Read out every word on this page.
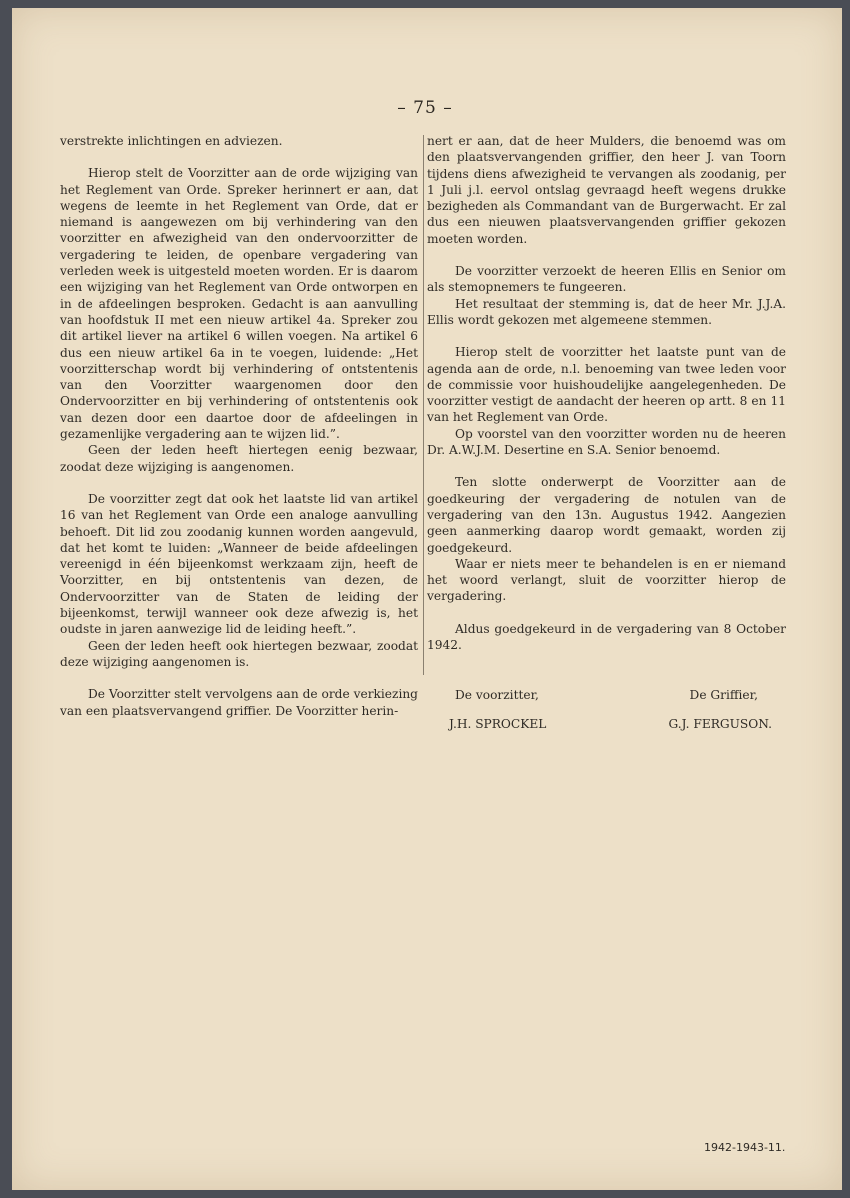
– 75 –

verstrekte inlichtingen en adviezen.

Hierop stelt de Voorzitter aan de orde wijziging van het Reglement van Orde. Spreker herinnert er aan, dat wegens de leemte in het Reglement van Orde, dat er niemand is aangewezen om bij verhindering van den voorzitter en afwezigheid van den ondervoorzitter de vergadering te leiden, de openbare vergadering van verleden week is uitgesteld moeten worden. Er is daarom een wijziging van het Reglement van Orde ontworpen en in de afdeelingen besproken. Gedacht is aan aanvulling van hoofdstuk II met een nieuw artikel 4a. Spreker zou dit artikel liever na artikel 6 willen voegen. Na artikel 6 dus een nieuw artikel 6a in te voegen, luidende: „Het voorzitterschap wordt bij verhindering of ontstentenis van den Voorzitter waargenomen door den Ondervoorzitter en bij verhindering of ontstentenis ook van dezen door een daartoe door de afdeelingen in gezamenlijke vergadering aan te wijzen lid.”.

Geen der leden heeft hiertegen eenig bezwaar, zoodat deze wijziging is aangenomen.

De voorzitter zegt dat ook het laatste lid van artikel 16 van het Reglement van Orde een analoge aanvulling behoeft. Dit lid zou zoodanig kunnen worden aangevuld, dat het komt te luiden: „Wanneer de beide afdeelingen vereenigd in één bijeenkomst werkzaam zijn, heeft de Voorzitter, en bij ontstentenis van dezen, de Ondervoorzitter van de Staten de leiding der bijeenkomst, terwijl wanneer ook deze afwezig is, het oudste in jaren aanwezige lid de leiding heeft.”.

Geen der leden heeft ook hiertegen bezwaar, zoodat deze wijziging aangenomen is.

De Voorzitter stelt vervolgens aan de orde verkiezing van een plaatsvervangend griffier. De Voorzitter herin-

nert er aan, dat de heer Mulders, die benoemd was om den plaatsvervangenden griffier, den heer J. van Toorn tijdens diens afwezigheid te vervangen als zoodanig, per 1 Juli j.l. eervol ontslag gevraagd heeft wegens drukke bezigheden als Commandant van de Burgerwacht. Er zal dus een nieuwen plaatsvervangenden griffier gekozen moeten worden.

De voorzitter verzoekt de heeren Ellis en Senior om als stemopnemers te fungeeren.

Het resultaat der stemming is, dat de heer Mr. J.J.A. Ellis wordt gekozen met algemeene stemmen.

Hierop stelt de voorzitter het laatste punt van de agenda aan de orde, n.l. benoeming van twee leden voor de commissie voor huishoudelijke aangelegenheden. De voorzitter vestigt de aandacht der heeren op artt. 8 en 11 van het Reglement van Orde.

Op voorstel van den voorzitter worden nu de heeren Dr. A.W.J.M. Desertine en S.A. Senior benoemd.

Ten slotte onderwerpt de Voorzitter aan de goedkeuring der vergadering de notulen van de vergadering van den 13n. Augustus 1942. Aangezien geen aanmerking daarop wordt gemaakt, worden zij goedgekeurd.

Waar er niets meer te behandelen is en er niemand het woord verlangt, sluit de voorzitter hierop de vergadering.

Aldus goedgekeurd in de vergadering van 8 October 1942.

De voorzitter,	De Griffier,
J.H. SPROCKEL	G.J. FERGUSON.
1942-1943-11.
